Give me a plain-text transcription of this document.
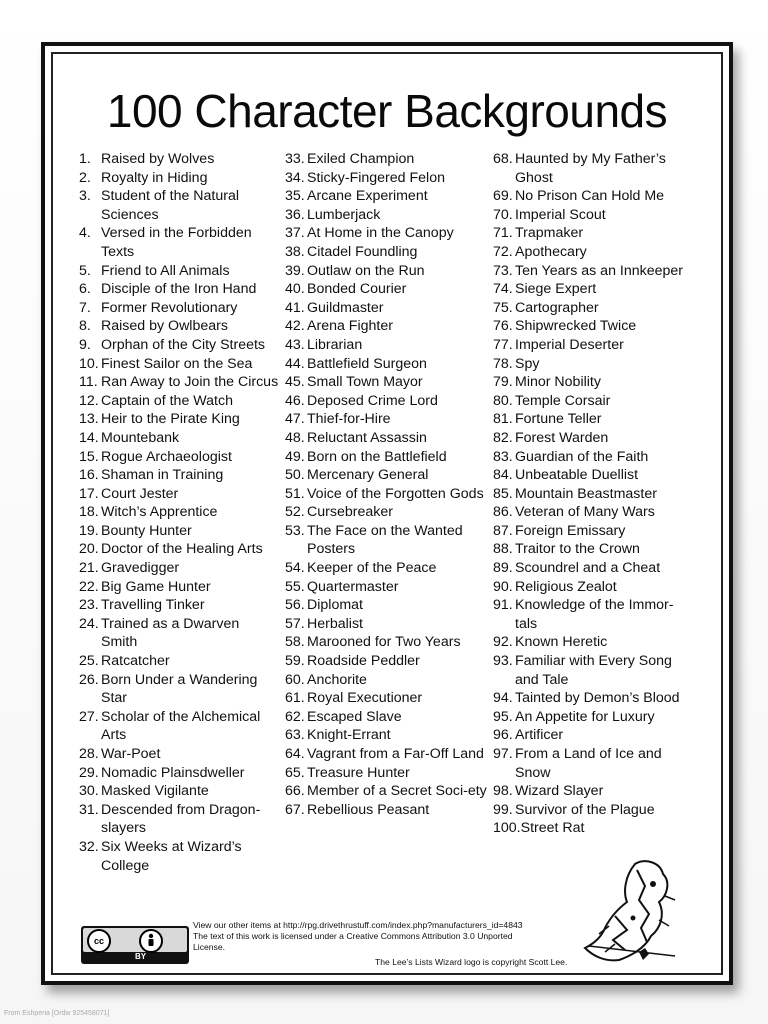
100 Character Backgrounds
1. Raised by Wolves
2. Royalty in Hiding
3. Student of the Natural Sciences
4. Versed in the Forbidden Texts
5. Friend to All Animals
6. Disciple of the Iron Hand
7. Former Revolutionary
8. Raised by Owlbears
9. Orphan of the City Streets
10. Finest Sailor on the Sea
11. Ran Away to Join the Circus
12. Captain of the Watch
13. Heir to the Pirate King
14. Mountebank
15. Rogue Archaeologist
16. Shaman in Training
17. Court Jester
18. Witch’s Apprentice
19. Bounty Hunter
20. Doctor of the Healing Arts
21. Gravedigger
22. Big Game Hunter
23. Travelling Tinker
24. Trained as a Dwarven Smith
25. Ratcatcher
26. Born Under a Wandering Star
27. Scholar of the Alchemical Arts
28. War-Poet
29. Nomadic Plainsdweller
30. Masked Vigilante
31. Descended from Dragon-slayers
32. Six Weeks at Wizard’s College
33. Exiled Champion
34. Sticky-Fingered Felon
35. Arcane Experiment
36. Lumberjack
37. At Home in the Canopy
38. Citadel Foundling
39. Outlaw on the Run
40. Bonded Courier
41. Guildmaster
42. Arena Fighter
43. Librarian
44. Battlefield Surgeon
45. Small Town Mayor
46. Deposed Crime Lord
47. Thief-for-Hire
48. Reluctant Assassin
49. Born on the Battlefield
50. Mercenary General
51. Voice of the Forgotten Gods
52. Cursebreaker
53. The Face on the Wanted Posters
54. Keeper of the Peace
55. Quartermaster
56. Diplomat
57. Herbalist
58. Marooned for Two Years
59. Roadside Peddler
60. Anchorite
61. Royal Executioner
62. Escaped Slave
63. Knight-Errant
64. Vagrant from a Far-Off Land
65. Treasure Hunter
66. Member of a Secret Soci-ety
67. Rebellious Peasant
68. Haunted by My Father’s Ghost
69. No Prison Can Hold Me
70. Imperial Scout
71. Trapmaker
72. Apothecary
73. Ten Years as an Innkeeper
74. Siege Expert
75. Cartographer
76. Shipwrecked Twice
77. Imperial Deserter
78. Spy
79. Minor Nobility
80. Temple Corsair
81. Fortune Teller
82. Forest Warden
83. Guardian of the Faith
84. Unbeatable Duellist
85. Mountain Beastmaster
86. Veteran of Many Wars
87. Foreign Emissary
88. Traitor to the Crown
89. Scoundrel and a Cheat
90. Religious Zealot
91. Knowledge of the Immor-tals
92. Known Heretic
93. Familiar with Every Song and Tale
94. Tainted by Demon’s Blood
95. An Appetite for Luxury
96. Artificer
97. From a Land of Ice and Snow
98. Wizard Slayer
99. Survivor of the Plague
100. Street Rat
cc
BY
View our other items at http://rpg.drivethrustuff.com/index.php?manufacturers_id=4843
The text of this work is licensed under a Creative Commons Attribution 3.0 Unported
License.
The Lee’s Lists Wizard logo is copyright Scott Lee.
From Eshperia [Ordw 925458071]
